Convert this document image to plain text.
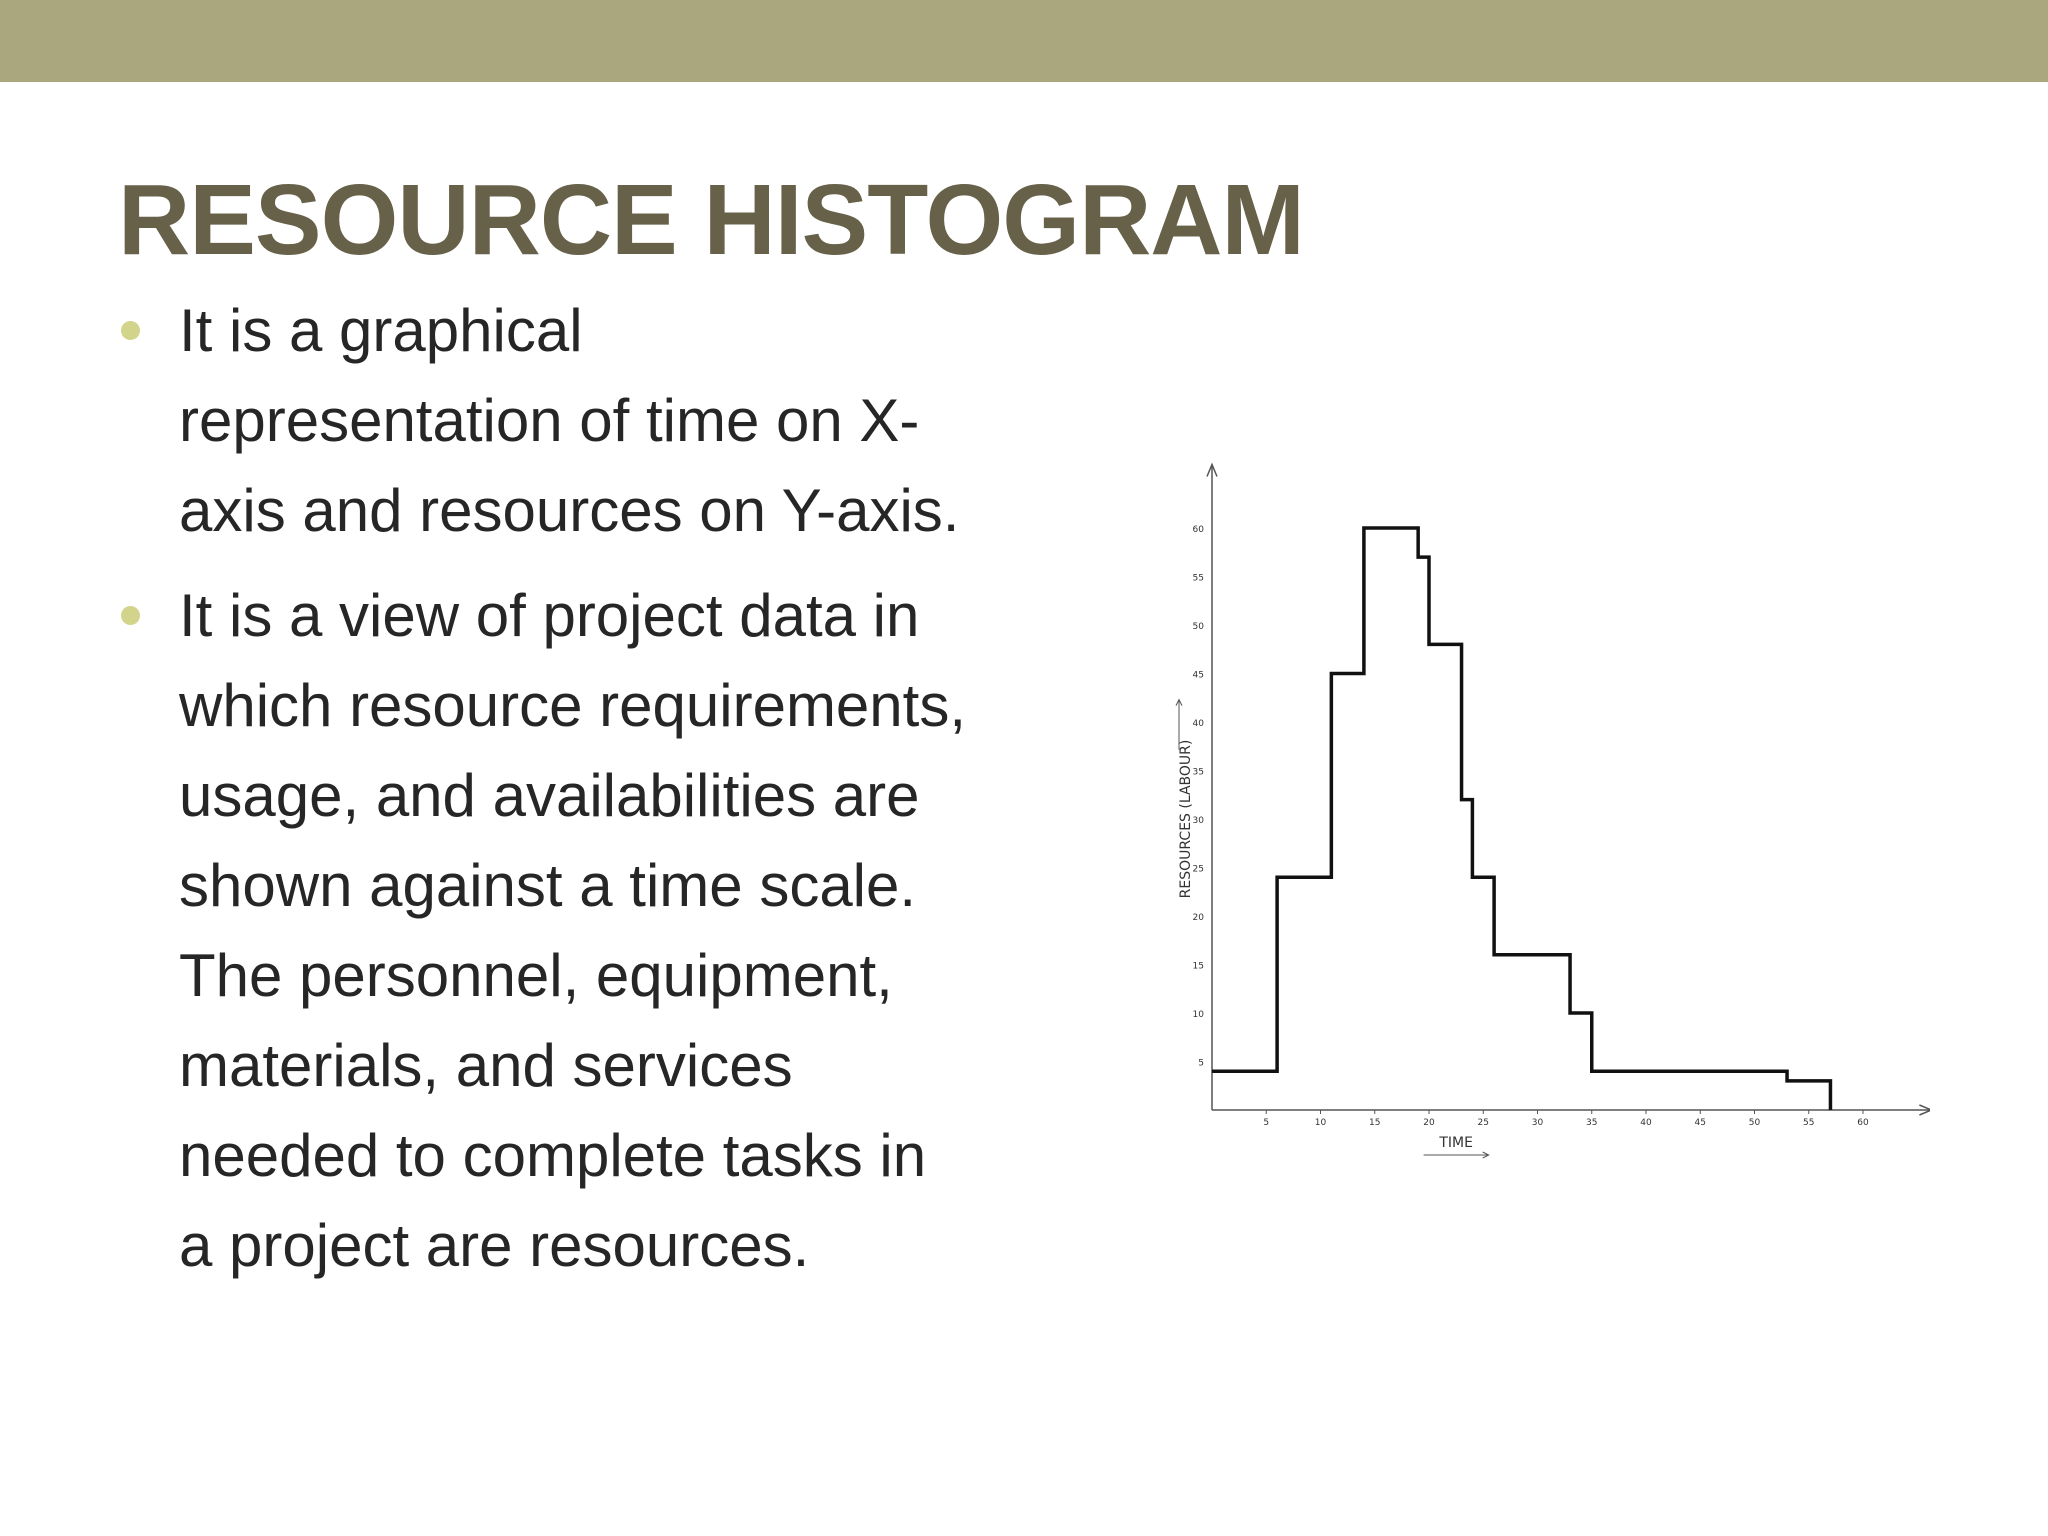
RESOURCE HISTOGRAM
It is a graphical
representation of time on X-
axis and resources on Y-axis.
It is a view of project data in
which resource requirements,
usage, and availabilities are
shown against a time scale.
The personnel, equipment,
materials, and services
needed to complete tasks in
a project are resources.
5
10
15
20
25
30
35
40
45
50
55
60
5	10	15	20	25	30	35	40	45	50	55	60
TIME
RESOURCES (LABOUR)
